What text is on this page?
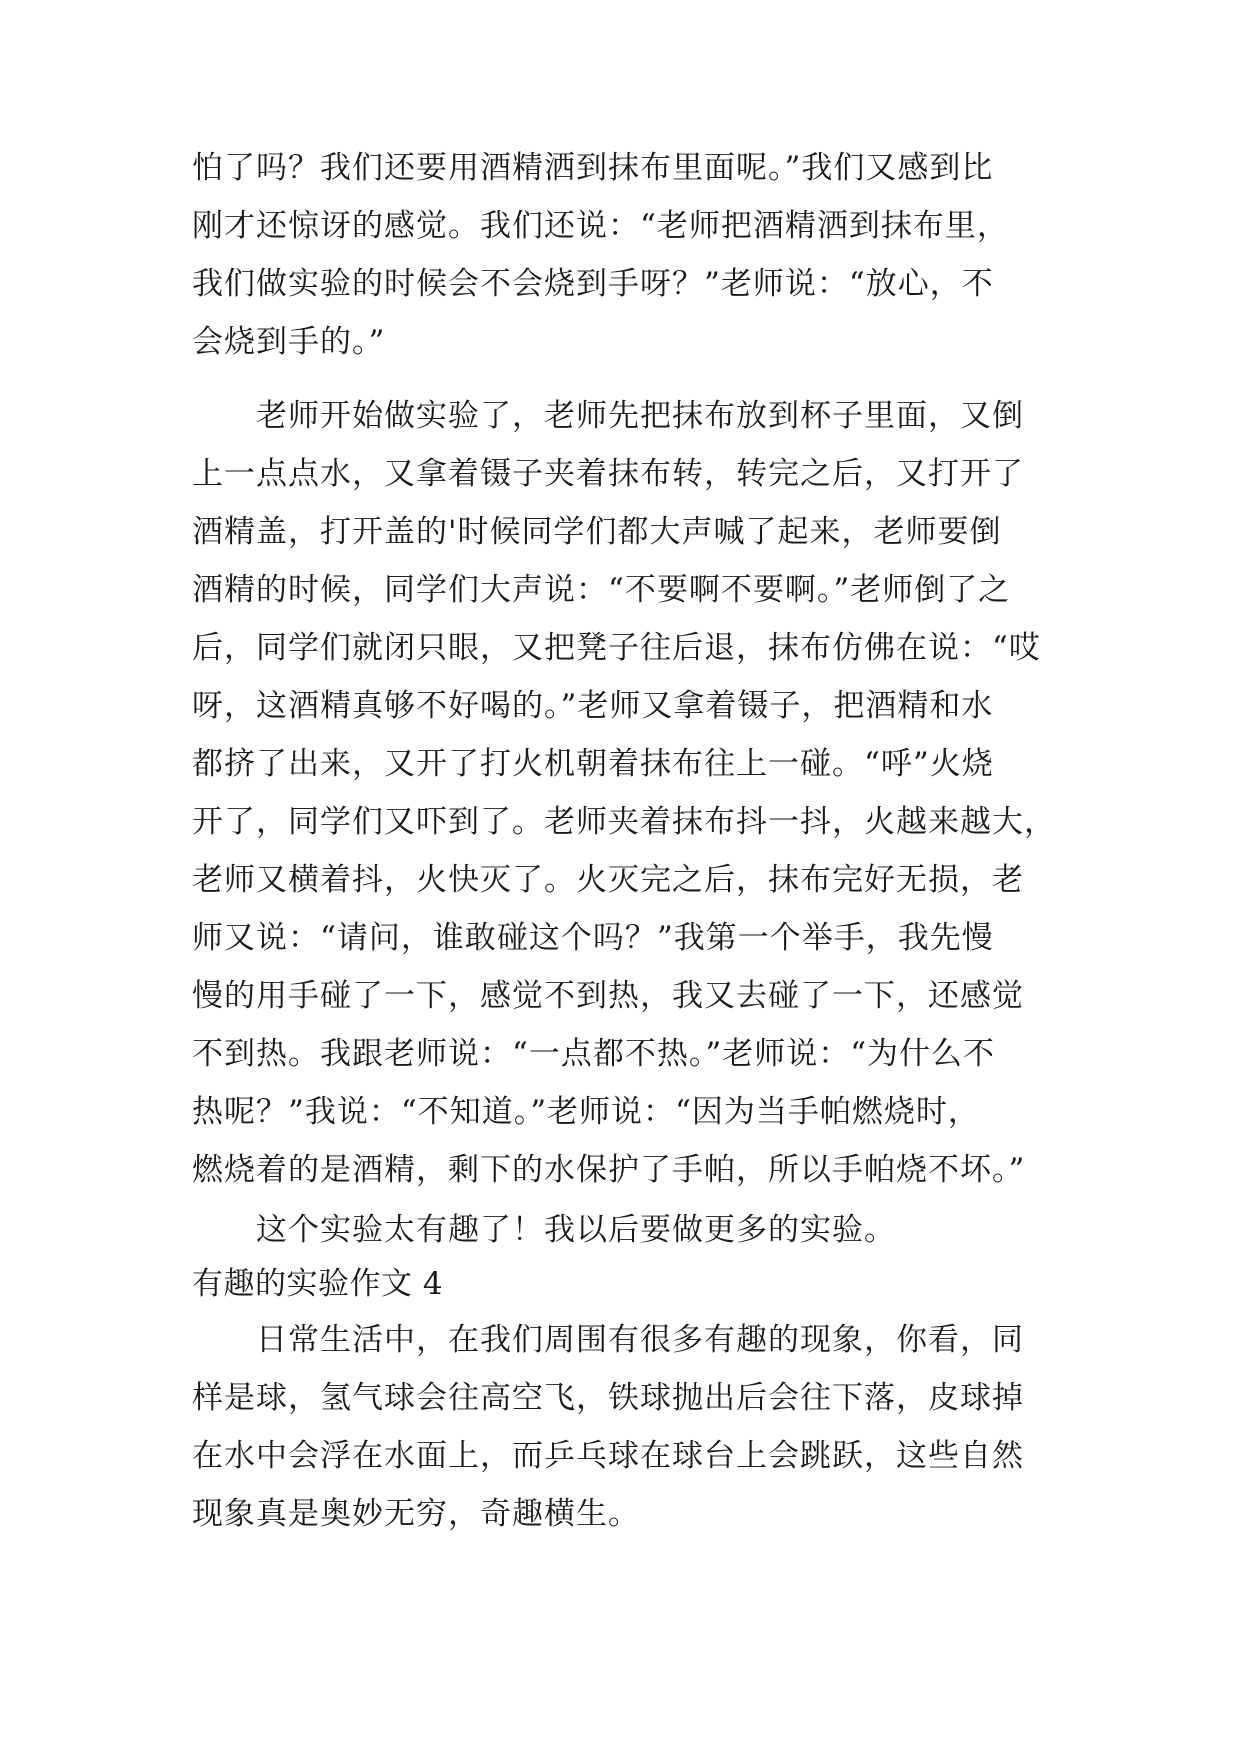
怕了吗？我们还要用酒精洒到抹布里面呢。”我们又感到比
刚才还惊讶的感觉。我们还说：“老师把酒精洒到抹布里，
我们做实验的时候会不会烧到手呀？”老师说：“放心，不
会烧到手的。”
老师开始做实验了，老师先把抹布放到杯子里面，又倒
上一点点水，又拿着镊子夹着抹布转，转完之后，又打开了
酒精盖，打开盖的'时候同学们都大声喊了起来，老师要倒
酒精的时候，同学们大声说：“不要啊不要啊。”老师倒了之
后，同学们就闭只眼，又把凳子往后退，抹布仿佛在说：“哎
呀，这酒精真够不好喝的。”老师又拿着镊子，把酒精和水
都挤了出来，又开了打火机朝着抹布往上一碰。“呼”火烧
开了，同学们又吓到了。老师夹着抹布抖一抖，火越来越大，
老师又横着抖，火快灭了。火灭完之后，抹布完好无损，老
师又说：“请问，谁敢碰这个吗？”我第一个举手，我先慢
慢的用手碰了一下，感觉不到热，我又去碰了一下，还感觉
不到热。我跟老师说：“一点都不热。”老师说：“为什么不
热呢？”我说：“不知道。”老师说：“因为当手帕燃烧时，
燃烧着的是酒精，剩下的水保护了手帕，所以手帕烧不坏。”
这个实验太有趣了！我以后要做更多的实验。
有趣的实验作文 4
日常生活中，在我们周围有很多有趣的现象，你看，同
样是球，氢气球会往高空飞，铁球抛出后会往下落，皮球掉
在水中会浮在水面上，而乒乓球在球台上会跳跃，这些自然
现象真是奥妙无穷，奇趣横生。
